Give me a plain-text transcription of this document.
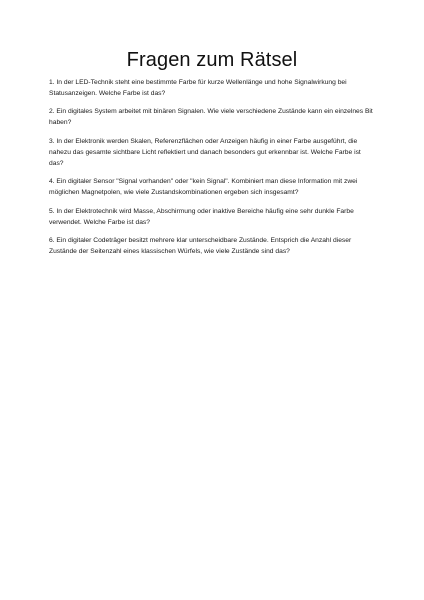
Fragen zum Rätsel

1. In der LED-Technik steht eine bestimmte Farbe für kurze Wellenlänge und hohe Signalwirkung bei Statusanzeigen. Welche Farbe ist das?

2. Ein digitales System arbeitet mit binären Signalen. Wie viele verschiedene Zustände kann ein einzelnes Bit haben?

3. In der Elektronik werden Skalen, Referenzflächen oder Anzeigen häufig in einer Farbe ausgeführt, die nahezu das gesamte sichtbare Licht reflektiert und danach besonders gut erkennbar ist. Welche Farbe ist das?

4. Ein digitaler Sensor "Signal vorhanden" oder "kein Signal". Kombiniert man diese Information mit zwei möglichen Magnetpolen, wie viele Zustandskombinationen ergeben sich insgesamt?

5. In der Elektrotechnik wird Masse, Abschirmung oder inaktive Bereiche häufig eine sehr dunkle Farbe verwendet. Welche Farbe ist das?

6. Ein digitaler Codeträger besitzt mehrere klar unterscheidbare Zustände. Entsprich die Anzahl dieser Zustände der Seitenzahl eines klassischen Würfels, wie viele Zustände sind das?
